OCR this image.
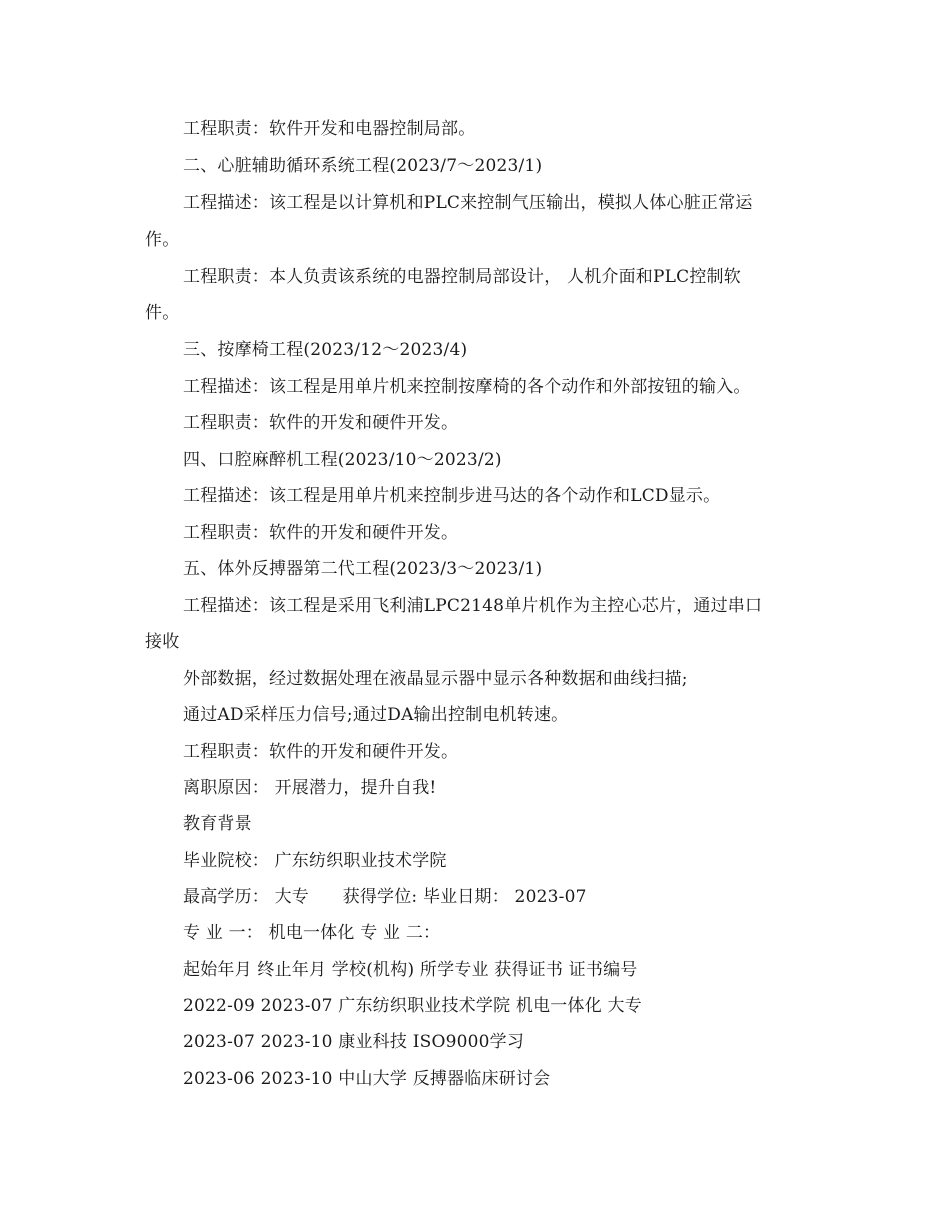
工程职责：软件开发和电器控制局部。
二、心脏辅助循环系统工程(2023/7～2023/1)
工程描述：该工程是以计算机和PLC来控制气压输出，模拟人体心脏正常运
作。
工程职责：本人负责该系统的电器控制局部设计， 人机介面和PLC控制软
件。
三、按摩椅工程(2023/12～2023/4)
工程描述：该工程是用单片机来控制按摩椅的各个动作和外部按钮的输入。
工程职责：软件的开发和硬件开发。
四、口腔麻醉机工程(2023/10～2023/2)
工程描述：该工程是用单片机来控制步进马达的各个动作和LCD显示。
工程职责：软件的开发和硬件开发。
五、体外反搏器第二代工程(2023/3～2023/1)
工程描述：该工程是采用飞利浦LPC2148单片机作为主控心芯片，通过串口
接收
外部数据，经过数据处理在液晶显示器中显示各种数据和曲线扫描;
通过AD采样压力信号;通过DA输出控制电机转速。
工程职责：软件的开发和硬件开发。
离职原因： 开展潜力，提升自我!
教育背景
毕业院校： 广东纺织职业技术学院
最高学历： 大专      获得学位: 毕业日期： 2023-07
专 业 一： 机电一体化 专 业 二：
起始年月 终止年月 学校(机构) 所学专业 获得证书 证书编号
2022-09 2023-07 广东纺织职业技术学院 机电一体化 大专
2023-07 2023-10 康业科技 ISO9000学习
2023-06 2023-10 中山大学 反搏器临床研讨会
